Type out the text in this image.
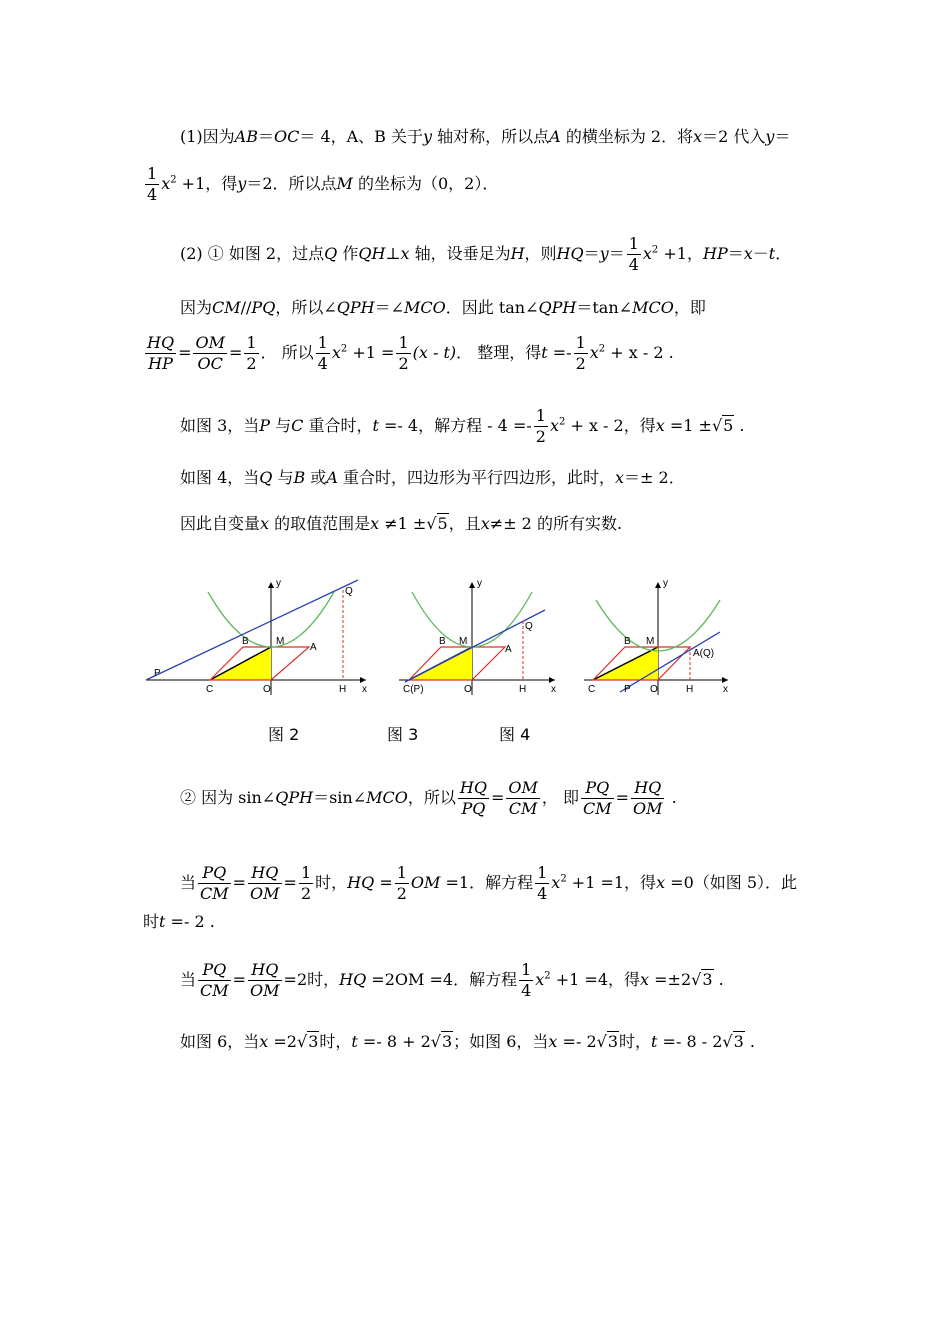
(1)因为AB＝OC＝ 4，A、B 关于y 轴对称，所以点A 的横坐标为 2．将x＝2 代入y＝
$\frac{1}{4} x^2 +1$，得y＝2．所以点M 的坐标为（0，2）．
(2) ① 如图 2，过点Q 作QH⊥x 轴，设垂足为H，则$HQ=y= \frac{1}{4} x^2 +1$，HP＝x－t．
因为CM//PQ，所以∠QPH＝∠MCO．因此 tan∠QPH＝tan∠MCO，即
$\frac{HQ}{HP} = \frac{OM}{OC} = \frac{1}{2}$ ． 所以 $\frac{1}{4} x^2 +1 = \frac{1}{2} (x - t)$． 整理，得$t =- \frac{1}{2} x^2 + x - 2$ .
如图 3，当P 与C 重合时，t =- 4，解方程 - $4 =- \frac{1}{2} x^2 + x - 2$，得x =1 ±√5 .
如图 4，当Q 与B 或A 重合时，四边形为平行四边形，此时，x＝± 2．
因此自变量x 的取值范围是x ≠1 ±√5，且x≠± 2 的所有实数.
y
Q
B	M
A
P
C	O	H x
y
Q
B M
A
C(P)	O	H x
y
B M
A(Q)
C	P O	H	x
图 2	图 3	图 4
② 因为 sin∠QPH＝sin∠MCO，所以 $\frac{HQ}{PQ} = \frac{OM}{CM}$ ， 即 $\frac{PQ}{CM} = \frac{HQ}{OM}$ .
当 $\frac{PQ}{CM} = \frac{HQ}{OM} = \frac{1}{2}$ 时，HQ = $\frac{1}{2}$ OM =1．解方程 $\frac{1}{4} x^2 +1 =1$，得x =0（如图 5）．此
时t =- 2 .
当 $\frac{PQ}{CM} = \frac{HQ}{OM} =2$时，HQ =2OM =4．解方程 $\frac{1}{4} x^2 +1 =4$，得x =±2√3 .
如图 6，当x =2√3时，t =- 8 + 2√3；如图 6，当x =- 2√3时，t =- 8 - 2√3 .
